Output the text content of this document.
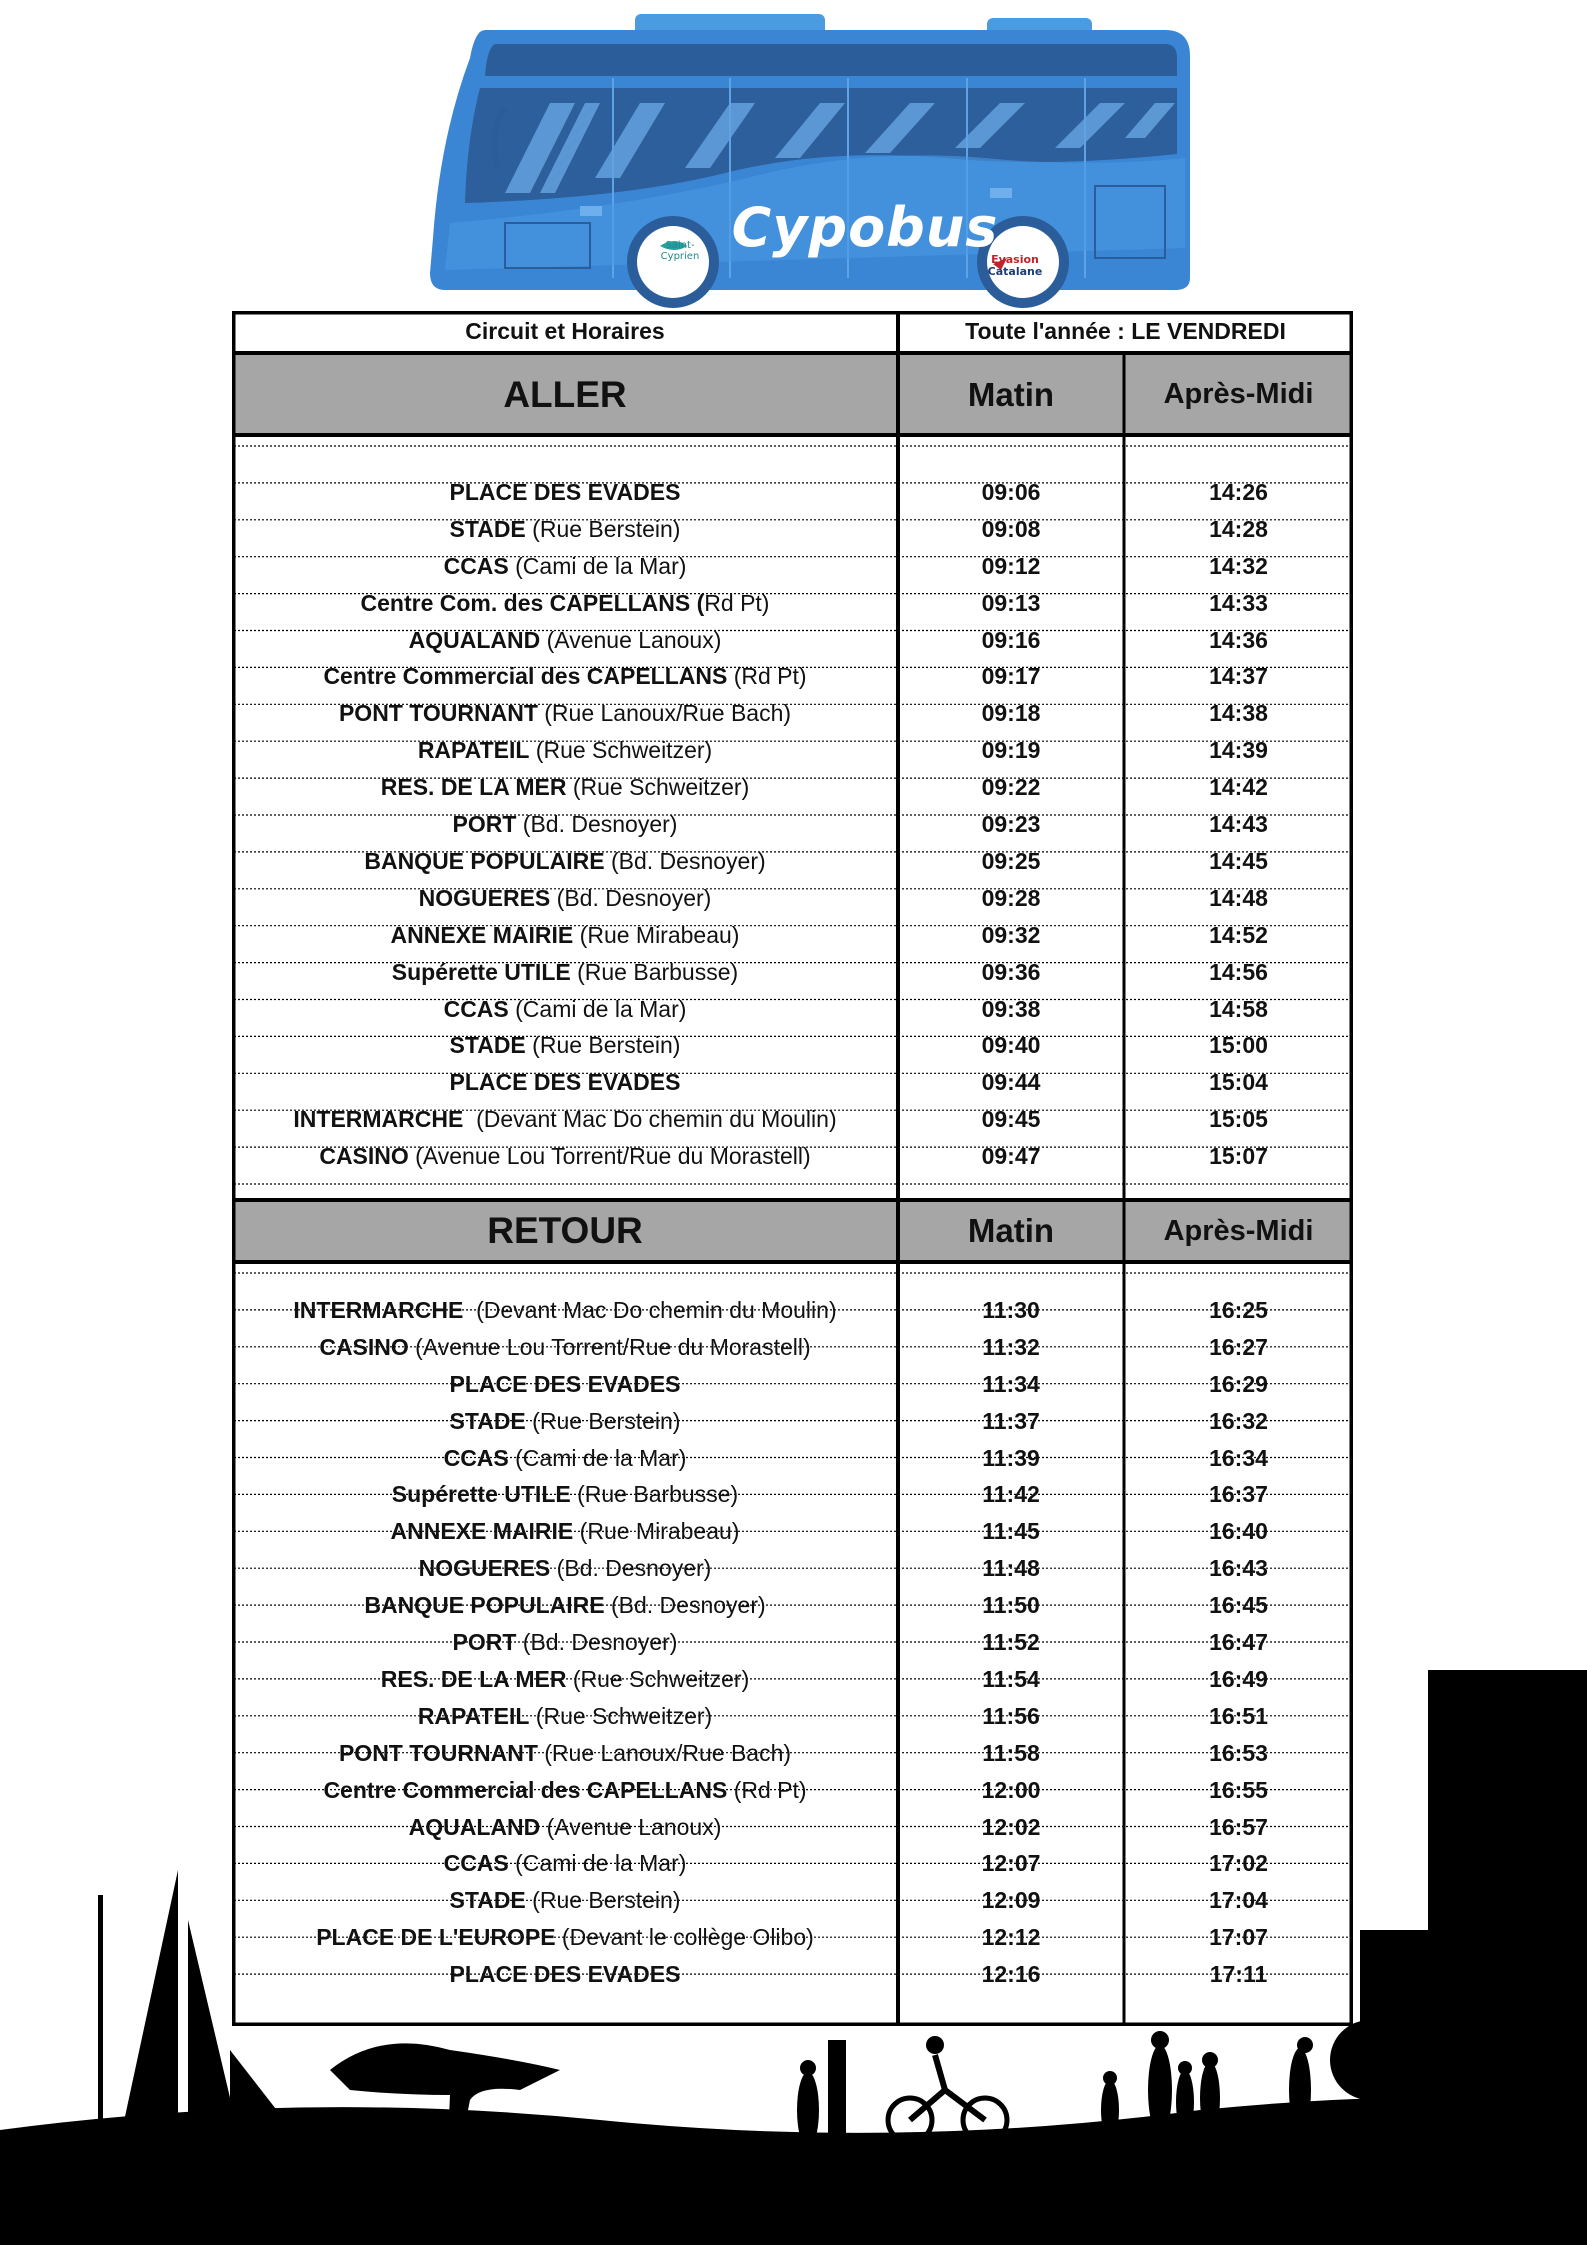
Cypobus
Saint-Cyprien	Evasion
Catalane
Circuit et Horaires	Toute l'année : LE VENDREDI
ALLER	Matin	Après-Midi
PLACE DES EVADES	09:06	14:26
STADE (Rue Berstein)	09:08	14:28
CCAS (Cami de la Mar)	09:12	14:32
Centre Com. des CAPELLANS ( Rd Pt)	09:13	14:33
AQUALAND (Avenue Lanoux)	09:16	14:36
Centre Commercial des CAPELLANS (Rd Pt)	09:17	14:37
PONT TOURNANT (Rue Lanoux/Rue Bach)	09:18	14:38
RAPATEIL (Rue Schweitzer)	09:19	14:39
RES. DE LA MER (Rue Schweitzer)	09:22	14:42
PORT (Bd. Desnoyer)	09:23	14:43
BANQUE POPULAIRE (Bd. Desnoyer)	09:25	14:45
NOGUERES (Bd. Desnoyer)	09:28	14:48
ANNEXE MAIRIE (Rue Mirabeau)	09:32	14:52
Supérette UTILE (Rue Barbusse)	09:36	14:56
CCAS (Cami de la Mar)	09:38	14:58
STADE (Rue Berstein)	09:40	15:00
PLACE DES EVADES	09:44	15:04
INTERMARCHE (Devant Mac Do chemin du Moulin)	09:45	15:05
CASINO (Avenue Lou Torrent/Rue du Morastell)	09:47	15:07
RETOUR	Matin	Après-Midi
INTERMARCHE (Devant Mac Do chemin du Moulin)	11:30	16:25
CASINO (Avenue Lou Torrent/Rue du Morastell)	11:32	16:27
PLACE DES EVADES	11:34	16:29
STADE (Rue Berstein)	11:37	16:32
CCAS (Cami de la Mar)	11:39	16:34
Supérette UTILE (Rue Barbusse)	11:42	16:37
ANNEXE MAIRIE (Rue Mirabeau)	11:45	16:40
NOGUERES (Bd. Desnoyer)	11:48	16:43
BANQUE POPULAIRE (Bd. Desnoyer)	11:50	16:45
PORT (Bd. Desnoyer)	11:52	16:47
RES. DE LA MER (Rue Schweitzer)	11:54	16:49
RAPATEIL (Rue Schweitzer)	11:56	16:51
PONT TOURNANT (Rue Lanoux/Rue Bach)	11:58	16:53
Centre Commercial des CAPELLANS (Rd Pt)	12:00	16:55
AQUALAND (Avenue Lanoux)	12:02	16:57
CCAS (Cami de la Mar)	12:07	17:02
STADE (Rue Berstein)	12:09	17:04
PLACE DE L'EUROPE (Devant le collège Olibo)	12:12	17:07
PLACE DES EVADES	12:16	17:11
